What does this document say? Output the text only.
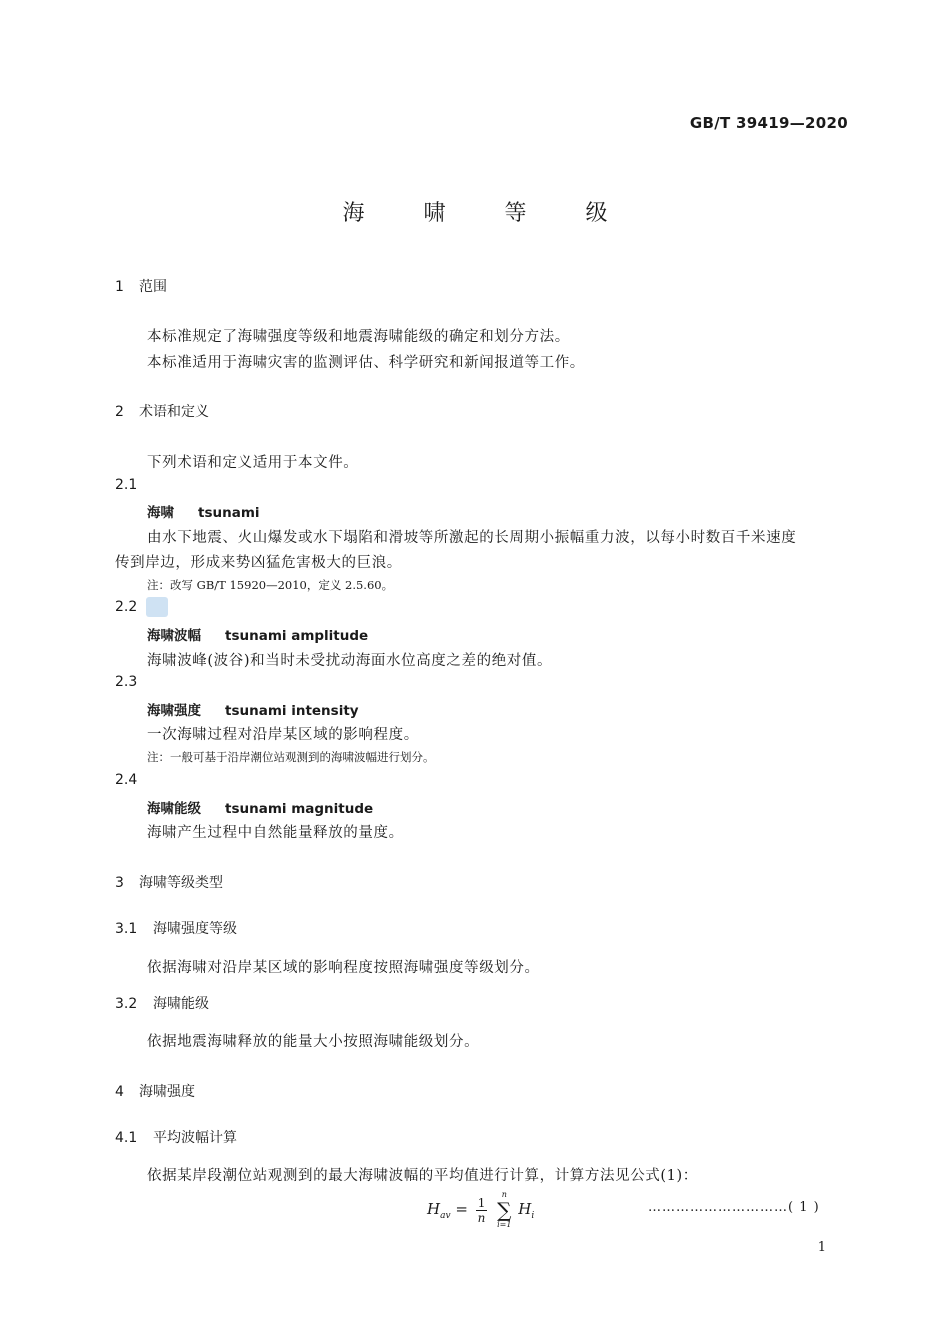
GB/T 39419—2020
海 啸 等 级
1 范围
本标准规定了海啸强度等级和地震海啸能级的确定和划分方法。
本标准适用于海啸灾害的监测评估、科学研究和新闻报道等工作。
2 术语和定义
下列术语和定义适用于本文件。
2.1
海啸 tsunami
由水下地震、火山爆发或水下塌陷和滑坡等所激起的长周期小振幅重力波，以每小时数百千米速度
传到岸边，形成来势凶猛危害极大的巨浪。
注：改写 GB/T 15920—2010，定义 2.5.60。
2.2
海啸波幅 tsunami amplitude
海啸波峰(波谷)和当时未受扰动海面水位高度之差的绝对值。
2.3
海啸强度 tsunami intensity
一次海啸过程对沿岸某区域的影响程度。
注：一般可基于沿岸潮位站观测到的海啸波幅进行划分。
2.4
海啸能级 tsunami magnitude
海啸产生过程中自然能量释放的量度。
3 海啸等级类型
3.1 海啸强度等级
依据海啸对沿岸某区域的影响程度按照海啸强度等级划分。
3.2 海啸能级
依据地震海啸释放的能量大小按照海啸能级划分。
4 海啸强度
4.1 平均波幅计算
依据某岸段潮位站观测到的最大海啸波幅的平均值进行计算，计算方法见公式(1)：
$H_{av} = \frac{1}{n}$
n
∑
i=1
$H_i$
…………………………( 1 )
1
